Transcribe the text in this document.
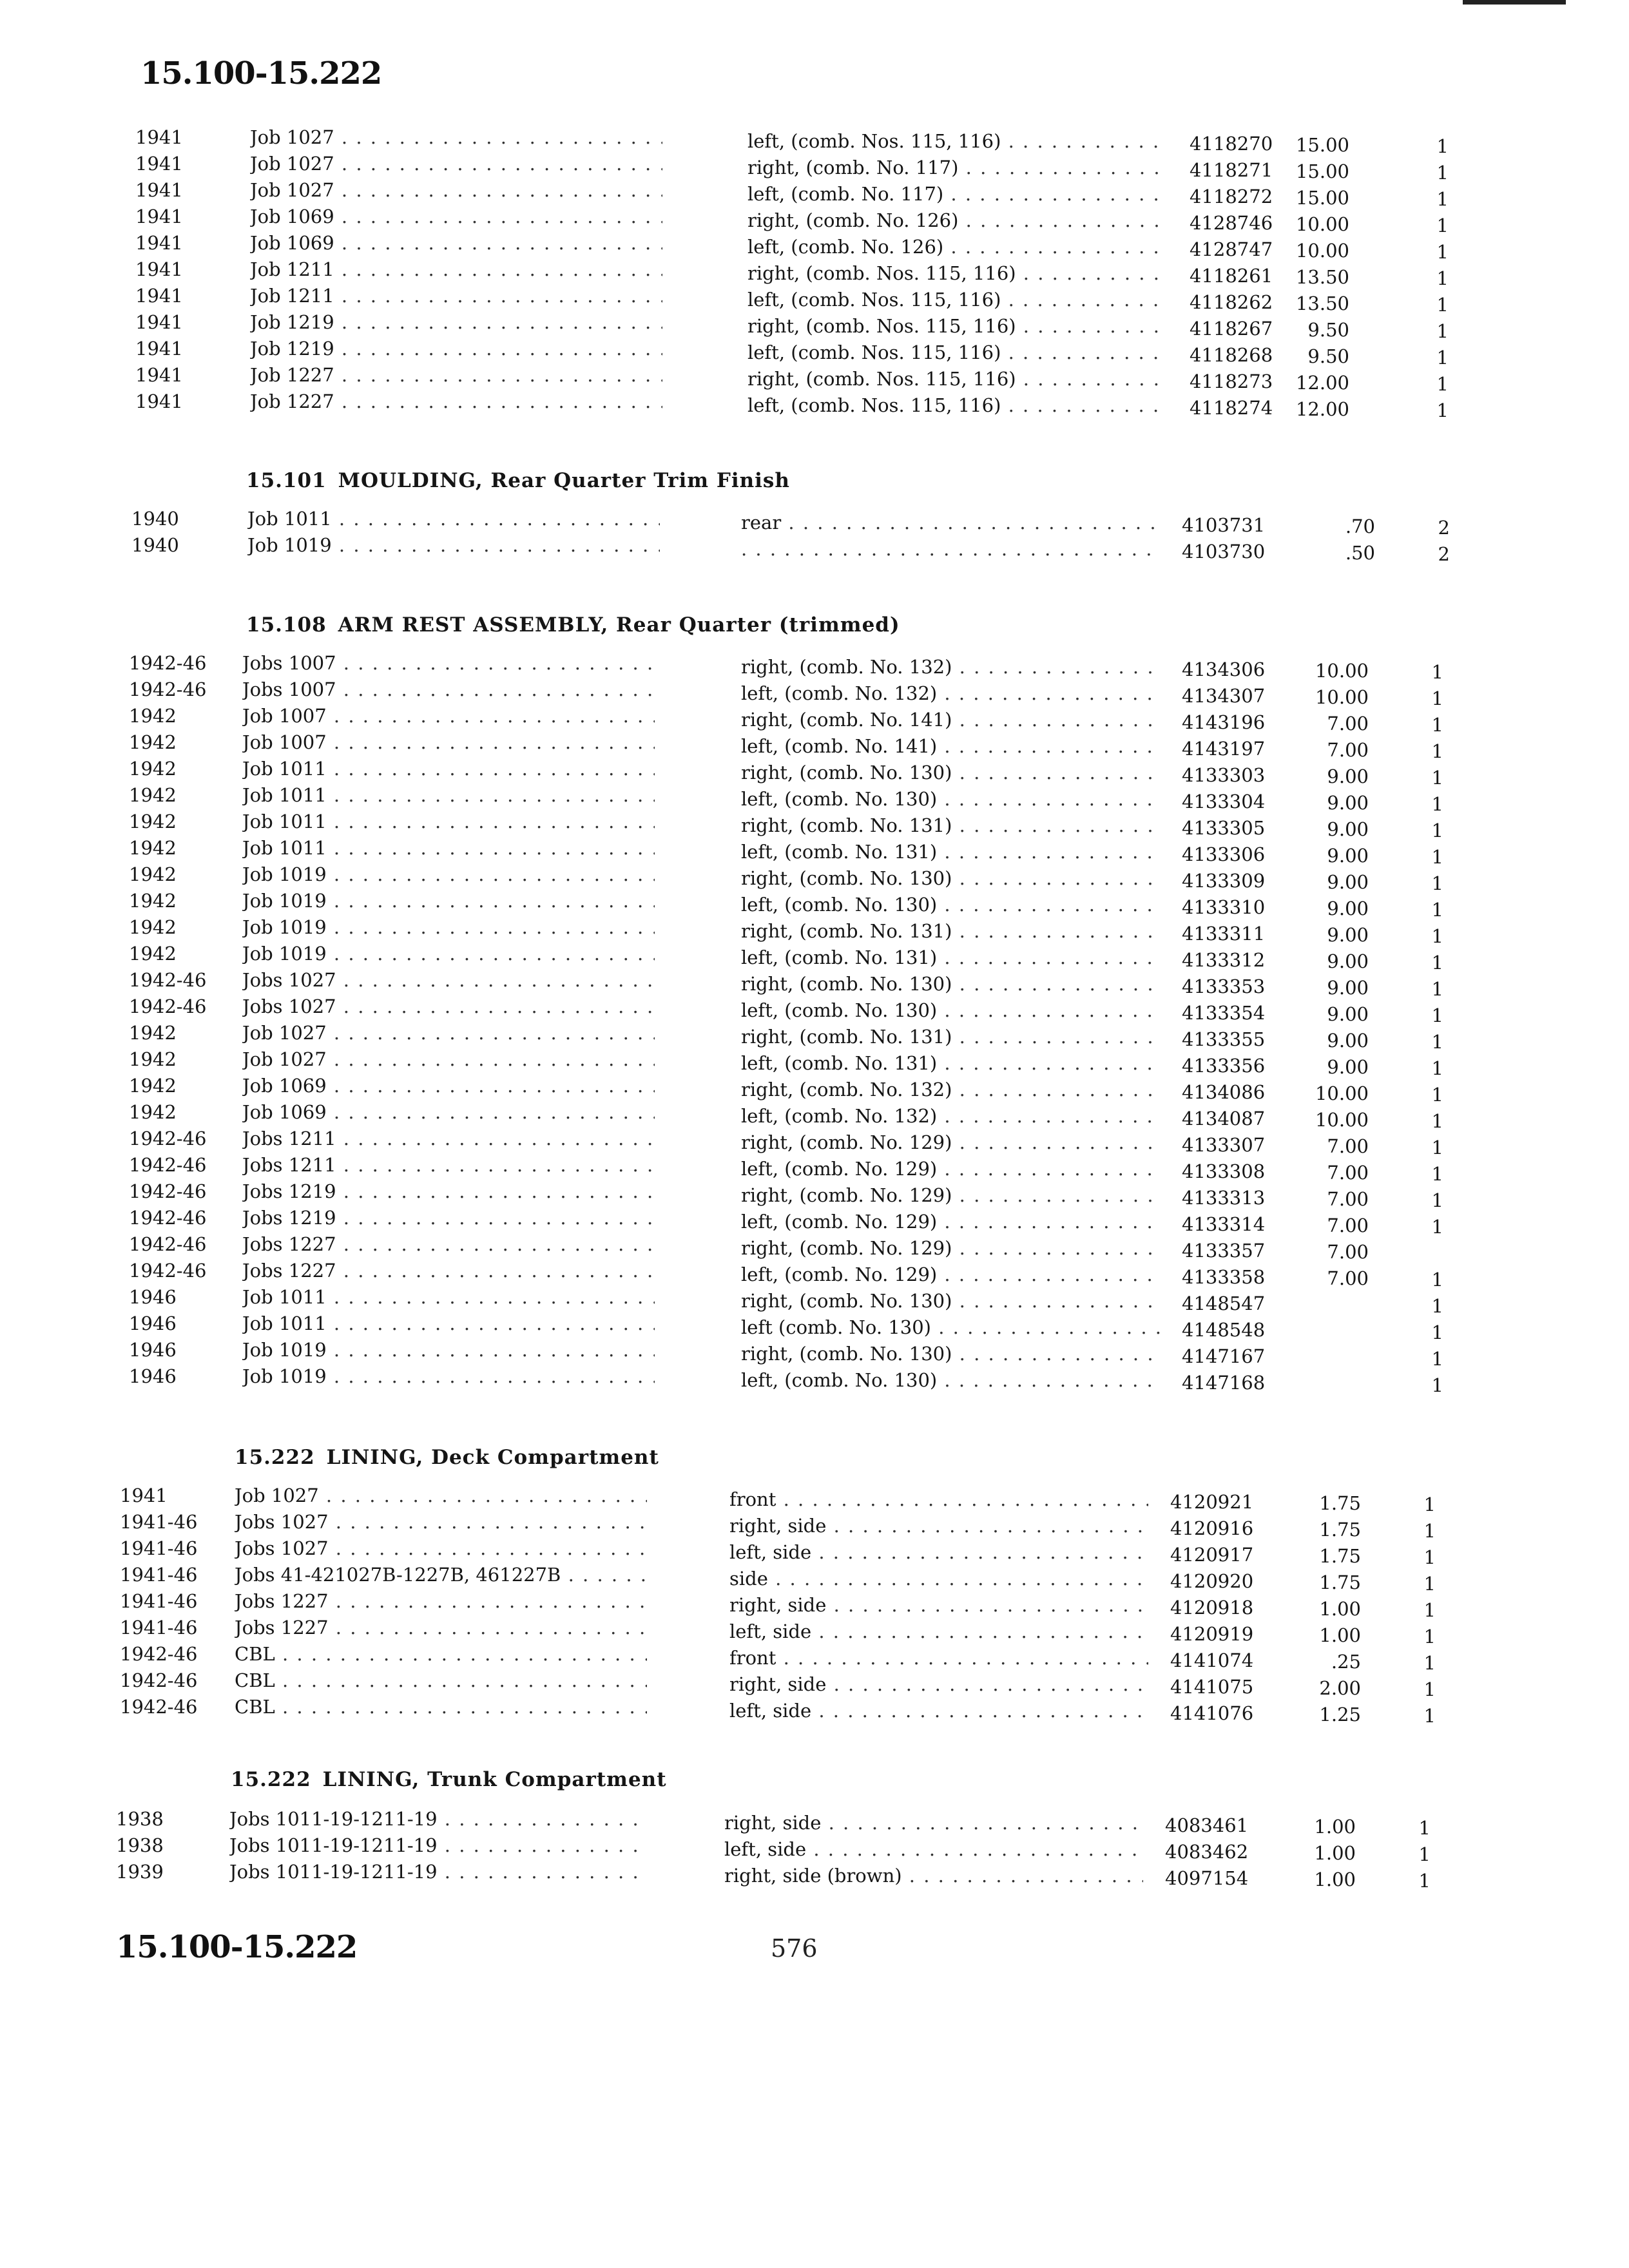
15.100-15.222
1941	Job 1027 . . .	left, (comb. Nos. 115, 116) . . .	4118270	15.00	1
1941	Job 1027 . . .	right, (comb. No. 117) . . .	4118271	15.00	1
1941	Job 1027 . . .	left, (comb. No. 117) . . .	4118272	15.00	1
1941	Job 1069 . . .	right, (comb. No. 126) . . .	4128746	10.00	1
1941	Job 1069 . . .	left, (comb. No. 126) . . .	4128747	10.00	1
1941	Job 1211 . . .	right, (comb. Nos. 115, 116) . . .	4118261	13.50	1
1941	Job 1211 . . .	left, (comb. Nos. 115, 116) . . .	4118262	13.50	1
1941	Job 1219 . . .	right, (comb. Nos. 115, 116) . . .	4118267	9.50	1
1941	Job 1219 . . .	left, (comb. Nos. 115, 116) . . .	4118268	9.50	1
1941	Job 1227 . . .	right, (comb. Nos. 115, 116) . . .	4118273	12.00	1
1941	Job 1227 . . .	left, (comb. Nos. 115, 116) . . .	4118274	12.00	1
15.101 MOULDING, Rear Quarter Trim Finish
1940	Job 1011 . . .	rear . . .	4103731	.70	2
1940	Job 1019 . . .
. . .	4103730	.50	2
15.108 ARM REST ASSEMBLY, Rear Quarter (trimmed)
1942-46	Jobs 1007 . . .	right, (comb. No. 132) . . .	4134306	10.00	1
1942-46	Jobs 1007 . . .	left, (comb. No. 132) . . .	4134307	10.00	1
1942	Job 1007 . . .	right, (comb. No. 141) . . .	4143196	7.00	1
1942	Job 1007 . . .	left, (comb. No. 141) . . .	4143197	7.00	1
1942	Job 1011 . . .	right, (comb. No. 130) . . .	4133303	9.00	1
1942	Job 1011 . . .	left, (comb. No. 130) . . .	4133304	9.00	1
1942	Job 1011 . . .	right, (comb. No. 131) . . .	4133305	9.00	1
1942	Job 1011 . . .	left, (comb. No. 131) . . .	4133306	9.00	1
1942	Job 1019 . . .	right, (comb. No. 130) . . .	4133309	9.00	1
1942	Job 1019 . . .	left, (comb. No. 130) . . .	4133310	9.00	1
1942	Job 1019 . . .	right, (comb. No. 131) . . .	4133311	9.00	1
1942	Job 1019 . . .	left, (comb. No. 131) . . .	4133312	9.00	1
1942-46	Jobs 1027 . . .	right, (comb. No. 130) . . .	4133353	9.00	1
1942-46	Jobs 1027 . . .	left, (comb. No. 130) . . .	4133354	9.00	1
1942	Job 1027 . . .	right, (comb. No. 131) . . .	4133355	9.00	1
1942	Job 1027 . . .	left, (comb. No. 131) . . .	4133356	9.00	1
1942	Job 1069 . . .	right, (comb. No. 132) . . .	4134086	10.00	1
1942	Job 1069 . . .	left, (comb. No. 132) . . .	4134087	10.00	1
1942-46	Jobs 1211 . . .	right, (comb. No. 129) . . .	4133307	7.00	1
1942-46	Jobs 1211 . . .	left, (comb. No. 129) . . .	4133308	7.00	1
1942-46	Jobs 1219 . . .	right, (comb. No. 129) . . .	4133313	7.00	1
1942-46	Jobs 1219 . . .	left, (comb. No. 129) . . .	4133314	7.00	1
1942-46	Jobs 1227 . . .	right, (comb. No. 129) . . .	4133357	7.00
1942-46	Jobs 1227 . . .	left, (comb. No. 129) . . .	4133358	7.00	1
1946	Job 1011 . . .	right, (comb. No. 130) . . .	4148547	1
1946	Job 1011 . . .	left (comb. No. 130) . . .	4148548	1
1946	Job 1019 . . .	right, (comb. No. 130) . . .	4147167	1
1946	Job 1019 . . .	left, (comb. No. 130) . . .	4147168	1
15.222 LINING, Deck Compartment
1941	Job 1027 . . .	front . . .	4120921	1.75	1
1941-46	Jobs 1027 . . .	right, side . . .	4120916	1.75	1
1941-46	Jobs 1027 . . .	left, side . . .	4120917	1.75	1
1941-46	Jobs 41-421027B-1227B, 461227B . . .	side . . .	4120920	1.75	1
1941-46	Jobs 1227 . . .	right, side . . .	4120918	1.00	1
1941-46	Jobs 1227 . . .	left, side . . .	4120919	1.00	1
1942-46	CBL . . .	front . . .	4141074	.25	1
1942-46	CBL . . .	right, side . . .	4141075	2.00	1
1942-46	CBL . . .	left, side . . .	4141076	1.25	1
15.222 LINING, Trunk Compartment
1938	Jobs 1011-19-1211-19 . . .	right, side . . .	4083461	1.00	1
1938	Jobs 1011-19-1211-19 . . .	left, side . . .	4083462	1.00	1
1939	Jobs 1011-19-1211-19 . . .	right, side (brown) . . .	4097154	1.00	1
15.100-15.222	576
